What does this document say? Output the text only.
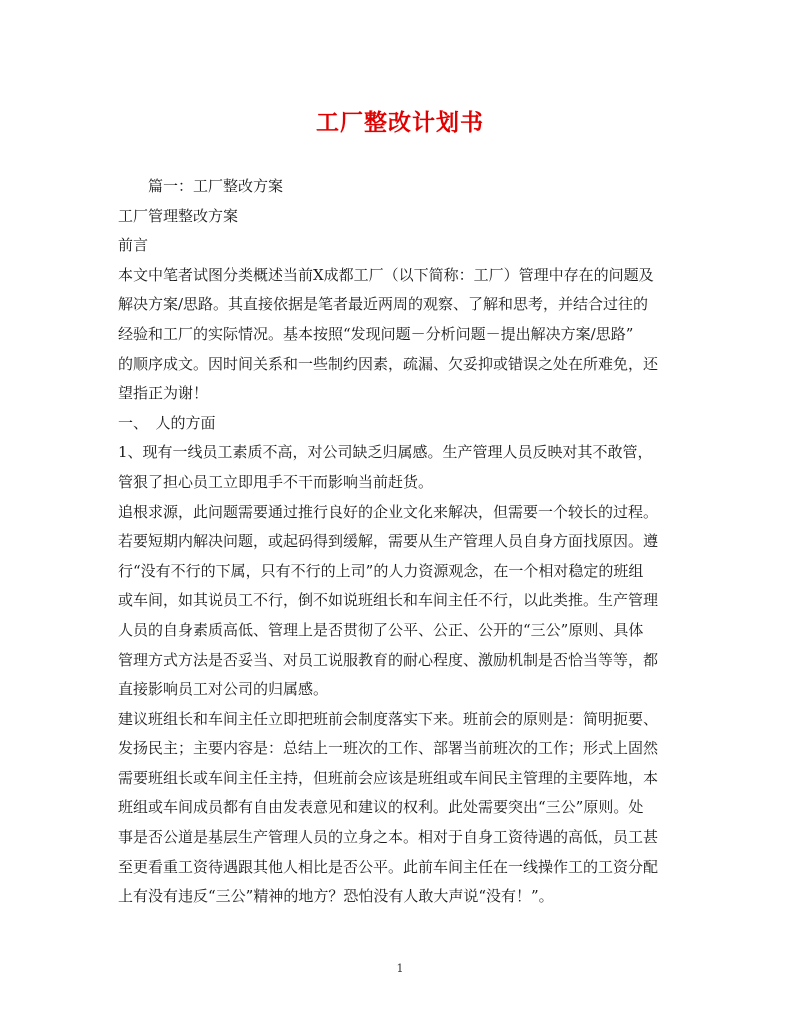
工厂整改计划书
篇一：工厂整改方案
工厂管理整改方案
前言
本文中笔者试图分类概述当前X成都工厂（以下简称：工厂）管理中存在的问题及
解决方案/思路。其直接依据是笔者最近两周的观察、了解和思考，并结合过往的
经验和工厂的实际情况。基本按照“发现问题－分析问题－提出解决方案/思路”
的顺序成文。因时间关系和一些制约因素，疏漏、欠妥抑或错误之处在所难免，还
望指正为谢！
一、　人的方面
1、现有一线员工素质不高，对公司缺乏归属感。生产管理人员反映对其不敢管，
管狠了担心员工立即甩手不干而影响当前赶货。
追根求源，此问题需要通过推行良好的企业文化来解决，但需要一个较长的过程。
若要短期内解决问题，或起码得到缓解，需要从生产管理人员自身方面找原因。遵
行“没有不行的下属，只有不行的上司”的人力资源观念，在一个相对稳定的班组
或车间，如其说员工不行，倒不如说班组长和车间主任不行，以此类推。生产管理
人员的自身素质高低、管理上是否贯彻了公平、公正、公开的“三公”原则、具体
管理方式方法是否妥当、对员工说服教育的耐心程度、激励机制是否恰当等等，都
直接影响员工对公司的归属感。
建议班组长和车间主任立即把班前会制度落实下来。班前会的原则是：简明扼要、
发扬民主；主要内容是：总结上一班次的工作、部署当前班次的工作；形式上固然
需要班组长或车间主任主持，但班前会应该是班组或车间民主管理的主要阵地，本
班组或车间成员都有自由发表意见和建议的权利。此处需要突出“三公”原则。处
事是否公道是基层生产管理人员的立身之本。相对于自身工资待遇的高低，员工甚
至更看重工资待遇跟其他人相比是否公平。此前车间主任在一线操作工的工资分配
上有没有违反“三公”精神的地方？恐怕没有人敢大声说“没有！”。
1
